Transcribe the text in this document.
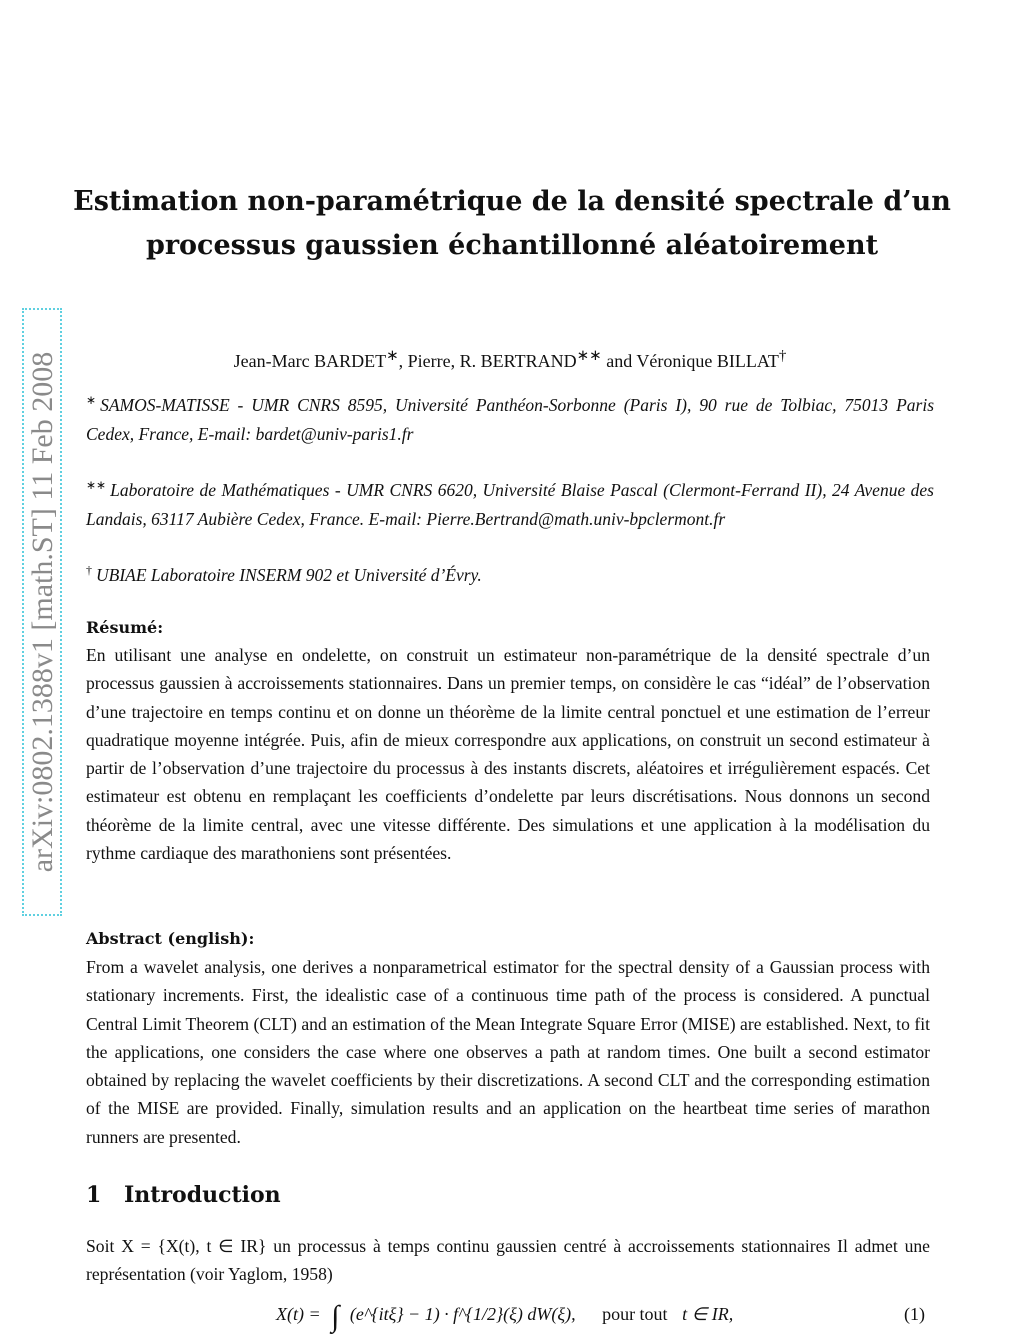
arXiv:0802.1388v1 [math.ST] 11 Feb 2008
Estimation non-paramétrique de la densité spectrale d’un
processus gaussien échantillonné aléatoirement
Jean-Marc BARDET∗, Pierre, R. BERTRAND∗∗ and Véronique BILLAT†
∗ SAMOS-MATISSE - UMR CNRS 8595, Université Panthéon-Sorbonne (Paris I), 90 rue de Tolbiac, 75013 Paris Cedex, France, E-mail: bardet@univ-paris1.fr
∗∗ Laboratoire de Mathématiques - UMR CNRS 6620, Université Blaise Pascal (Clermont-Ferrand II), 24 Avenue des Landais, 63117 Aubière Cedex, France. E-mail: Pierre.Bertrand@math.univ-bpclermont.fr
† UBIAE Laboratoire INSERM 902 et Université d’Évry.
Résumé:
En utilisant une analyse en ondelette, on construit un estimateur non-paramétrique de la densité spectrale d’un processus gaussien à accroissements stationnaires. Dans un premier temps, on considère le cas “idéal” de l’observation d’une trajectoire en temps continu et on donne un théorème de la limite central ponctuel et une estimation de l’erreur quadratique moyenne intégrée. Puis, afin de mieux correspondre aux applications, on construit un second estimateur à partir de l’observation d’une trajectoire du processus à des instants discrets, aléatoires et irrégulièrement espacés. Cet estimateur est obtenu en remplaçant les coefficients d’ondelette par leurs discrétisations. Nous donnons un second théorème de la limite central, avec une vitesse différente. Des simulations et une application à la modélisation du rythme cardiaque des marathoniens sont présentées.
Abstract (english):
From a wavelet analysis, one derives a nonparametrical estimator for the spectral density of a Gaussian process with stationary increments. First, the idealistic case of a continuous time path of the process is considered. A punctual Central Limit Theorem (CLT) and an estimation of the Mean Integrate Square Error (MISE) are established. Next, to fit the applications, one considers the case where one observes a path at random times. One built a second estimator obtained by replacing the wavelet coefficients by their discretizations. A second CLT and the corresponding estimation of the MISE are provided. Finally, simulation results and an application on the heartbeat time series of marathon runners are presented.
1 Introduction
Soit X = {X(t), t ∈ IR} un processus à temps continu gaussien centré à accroissements stationnaires Il admet une représentation (voir Yaglom, 1958)
X(t) = ∫ (e^{itξ} − 1) · f^{1/2}(ξ) dW(ξ), pour tout t ∈ IR,	(1)
